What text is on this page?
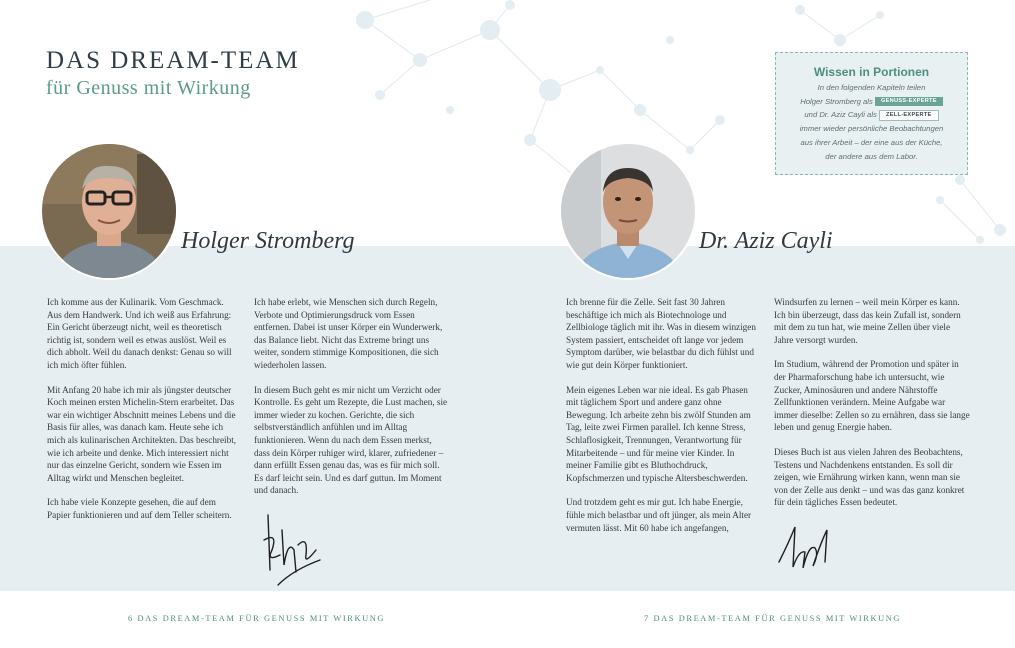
DAS DREAM-TEAM
für Genuss mit Wirkung
Wissen in Portionen
In den folgenden Kapiteln teilen
Holger Stromberg als GENUSS-EXPERTE
und Dr. Aziz Cayli als ZELL-EXPERTE
immer wieder persönliche Beobachtungen
aus ihrer Arbeit – der eine aus der Küche,
der andere aus dem Labor.
Holger Stromberg	Dr. Aziz Cayli

Ich komme aus der Kulinarik. Vom Geschmack. Aus dem Handwerk. Und ich weiß aus Erfahrung: Ein Gericht überzeugt nicht, weil es theoretisch richtig ist, sondern weil es etwas auslöst. Weil es dich abholt. Weil du danach denkst: Genau so will ich mich öfter fühlen.

Mit Anfang 20 habe ich mir als jüngster deutscher Koch meinen ersten Michelin-Stern erarbeitet. Das war ein wichtiger Abschnitt meines Lebens und die Basis für alles, was danach kam. Heute sehe ich mich als kulinarischen Architekten. Das beschreibt, wie ich arbeite und denke. Mich interessiert nicht nur das einzelne Gericht, sondern wie Essen im Alltag wirkt und Menschen begleitet.

Ich habe viele Konzepte gesehen, die auf dem Papier funktionieren und auf dem Teller scheitern.

Ich habe erlebt, wie Menschen sich durch Regeln, Verbote und Optimierungsdruck vom Essen entfernen. Dabei ist unser Körper ein Wunderwerk, das Balance liebt. Nicht das Extreme bringt uns weiter, sondern stimmige Kompositionen, die sich wiederholen lassen.

In diesem Buch geht es mir nicht um Verzicht oder Kontrolle. Es geht um Rezepte, die Lust machen, sie immer wieder zu kochen. Gerichte, die sich selbstverständlich anfühlen und im Alltag funktionieren. Wenn du nach dem Essen merkst, dass dein Körper ruhiger wird, klarer, zufriedener – dann erfüllt Essen genau das, was es für mich soll. Es darf leicht sein. Und es darf guttun. Im Moment und danach.

Ich brenne für die Zelle. Seit fast 30 Jahren beschäftige ich mich als Biotechnologe und Zellbiologe täglich mit ihr. Was in diesem winzigen System passiert, entscheidet oft lange vor jedem Symptom darüber, wie belastbar du dich fühlst und wie gut dein Körper funktioniert.

Mein eigenes Leben war nie ideal. Es gab Phasen mit täglichem Sport und andere ganz ohne Bewegung. Ich arbeite zehn bis zwölf Stunden am Tag, leite zwei Firmen parallel. Ich kenne Stress, Schlaflosigkeit, Trennungen, Verantwortung für Mitarbeitende – und für meine vier Kinder. In meiner Familie gibt es Bluthochdruck, Kopfschmerzen und typische Altersbeschwerden.

Und trotzdem geht es mir gut. Ich habe Energie, fühle mich belastbar und oft jünger, als mein Alter vermuten lässt. Mit 60 habe ich angefangen,

Windsurfen zu lernen – weil mein Körper es kann. Ich bin überzeugt, dass das kein Zufall ist, sondern mit dem zu tun hat, wie meine Zellen über viele Jahre versorgt wurden.

Im Studium, während der Promotion und später in der Pharmaforschung habe ich untersucht, wie Zucker, Aminosäuren und andere Nährstoffe Zellfunktionen verändern. Meine Aufgabe war immer dieselbe: Zellen so zu ernähren, dass sie lange leben und genug Energie haben.

Dieses Buch ist aus vielen Jahren des Beobachtens, Testens und Nachdenkens entstanden. Es soll dir zeigen, wie Ernährung wirken kann, wenn man sie von der Zelle aus denkt – und was das ganz konkret für dein tägliches Essen bedeutet.

6 DAS DREAM-TEAM FÜR GENUSS MIT WIRKUNG	7 DAS DREAM-TEAM FÜR GENUSS MIT WIRKUNG
